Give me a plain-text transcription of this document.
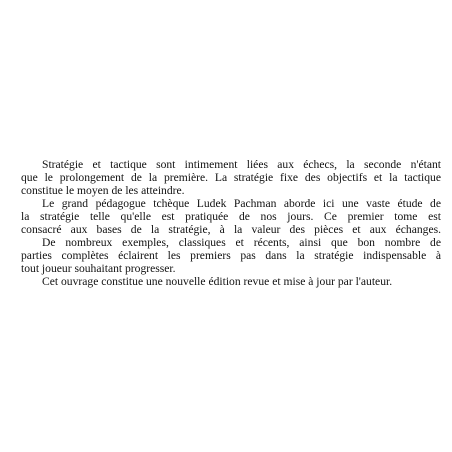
Stratégie et tactique sont intimement liées aux échecs, la seconde n'étant
que le prolongement de la première. La stratégie fixe des objectifs et la tactique
constitue le moyen de les atteindre.
Le grand pédagogue tchèque Ludek Pachman aborde ici une vaste étude de
la stratégie telle qu'elle est pratiquée de nos jours. Ce premier tome est
consacré aux bases de la stratégie, à la valeur des pièces et aux échanges.
De nombreux exemples, classiques et récents, ainsi que bon nombre de
parties complètes éclairent les premiers pas dans la stratégie indispensable à
tout joueur souhaitant progresser.
Cet ouvrage constitue une nouvelle édition revue et mise à jour par l'auteur.
